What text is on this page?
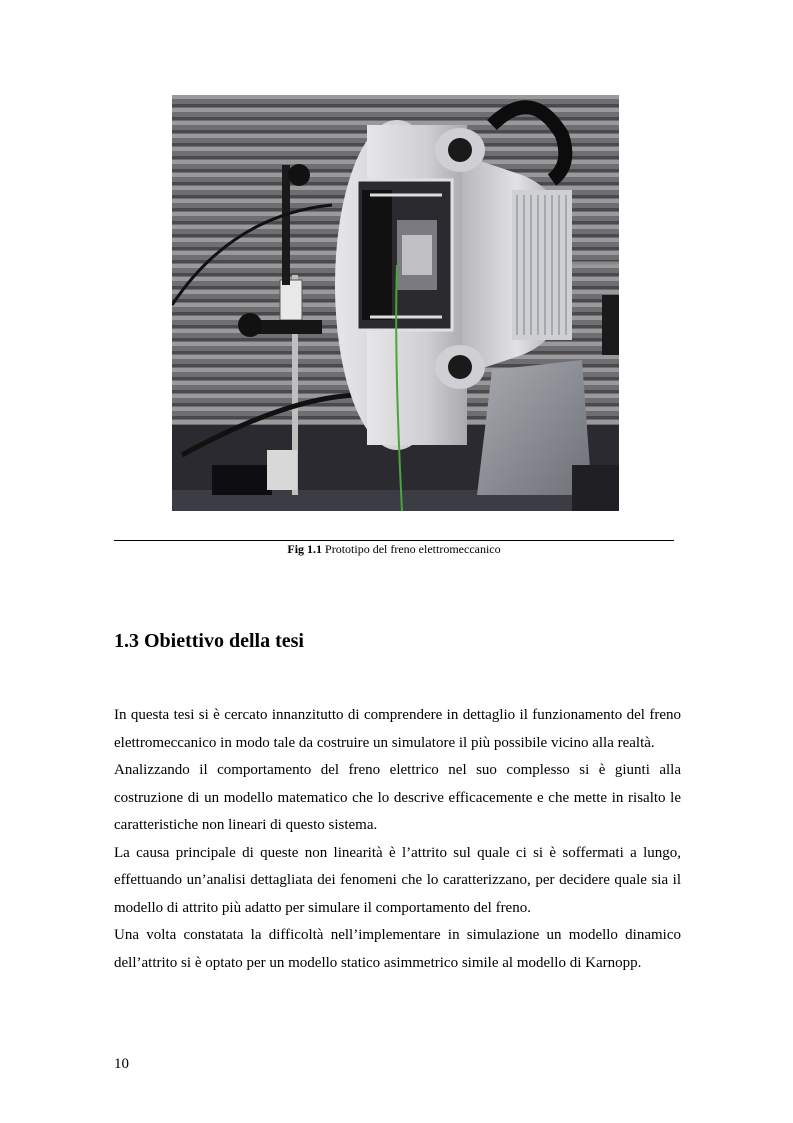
Fig 1.1 Prototipo del freno elettromeccanico
1.3 Obiettivo della tesi

In questa tesi si è cercato innanzitutto di comprendere in dettaglio il funzionamento del freno elettromeccanico in modo tale da costruire un simulatore il più possibile vicino alla realtà.

Analizzando il comportamento del freno elettrico nel suo complesso si è giunti alla costruzione di un modello matematico che lo descrive efficacemente e che mette in risalto le caratteristiche non lineari di questo sistema.

La causa principale di queste non linearità è l’attrito sul quale ci si è soffermati a lungo, effettuando un’analisi dettagliata dei fenomeni che lo caratterizzano, per decidere quale sia il modello di attrito più adatto per simulare il comportamento del freno.

Una volta constatata la difficoltà nell’implementare in simulazione un modello dinamico dell’attrito si è optato per un modello statico asimmetrico simile al modello di Karnopp.

10
